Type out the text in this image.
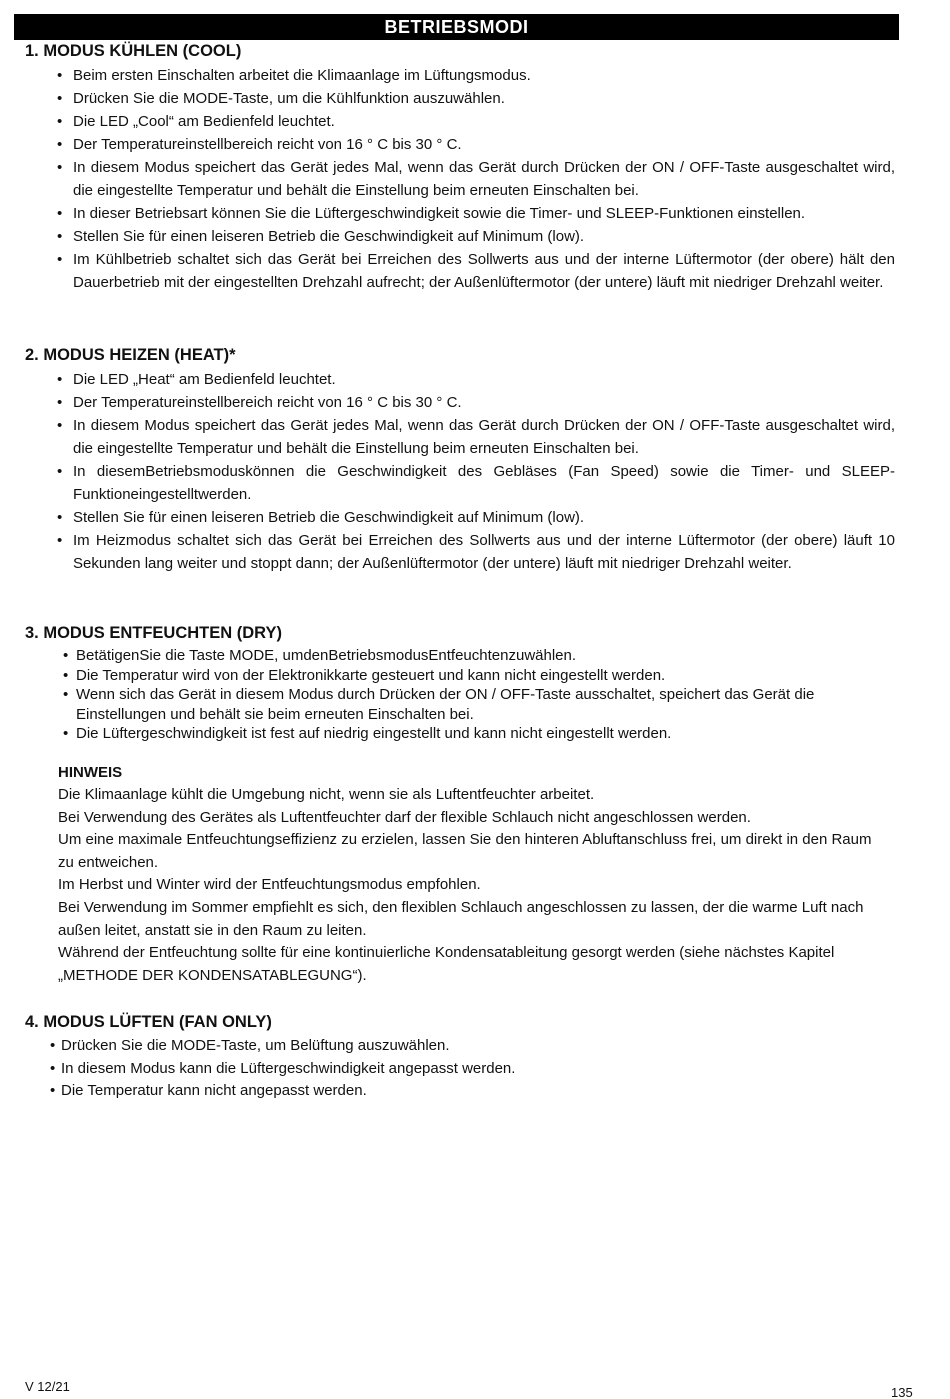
BETRIEBSMODI
1. MODUS KÜHLEN (COOL)
• Beim ersten Einschalten arbeitet die Klimaanlage im Lüftungsmodus.
• Drücken Sie die MODE-Taste, um die Kühlfunktion auszuwählen.
• Die LED „Cool“ am Bedienfeld leuchtet.
• Der Temperatureinstellbereich reicht von 16 ° C bis 30 ° C.
• In diesem Modus speichert das Gerät jedes Mal, wenn das Gerät durch Drücken der ON / OFF-Taste ausgeschaltet wird, die eingestellte Temperatur und behält die Einstellung beim erneuten Einschalten bei.
• In dieser Betriebsart können Sie die Lüftergeschwindigkeit sowie die Timer- und SLEEP-Funktionen einstellen.
• Stellen Sie für einen leiseren Betrieb die Geschwindigkeit auf Minimum (low).
• Im Kühlbetrieb schaltet sich das Gerät bei Erreichen des Sollwerts aus und der interne Lüftermotor (der obere) hält den Dauerbetrieb mit der eingestellten Drehzahl aufrecht; der Außenlüftermotor (der untere) läuft mit niedriger Drehzahl weiter.
2. MODUS HEIZEN (HEAT)*
• Die LED „Heat“ am Bedienfeld leuchtet.
• Der Temperatureinstellbereich reicht von 16 ° C bis 30 ° C.
• In diesem Modus speichert das Gerät jedes Mal, wenn das Gerät durch Drücken der ON / OFF-Taste ausgeschaltet wird, die eingestellte Temperatur und behält die Einstellung beim erneuten Einschalten bei.
• In diesemBetriebsmoduskönnen die Geschwindigkeit des Gebläses (Fan Speed) sowie die Timer- und SLEEP-Funktioneingestelltwerden.
• Stellen Sie für einen leiseren Betrieb die Geschwindigkeit auf Minimum (low).
• Im Heizmodus schaltet sich das Gerät bei Erreichen des Sollwerts aus und der interne Lüftermotor (der obere) läuft 10 Sekunden lang weiter und stoppt dann; der Außenlüftermotor (der untere) läuft mit niedriger Drehzahl weiter.
3. MODUS ENTFEUCHTEN (DRY)
• BetätigenSie die Taste MODE, umdenBetriebsmodusEntfeuchtenzuwählen.
• Die Temperatur wird von der Elektronikkarte gesteuert und kann nicht eingestellt werden.
• Wenn sich das Gerät in diesem Modus durch Drücken der ON / OFF-Taste ausschaltet, speichert das Gerät die Einstellungen und behält sie beim erneuten Einschalten bei.
• Die Lüftergeschwindigkeit ist fest auf niedrig eingestellt und kann nicht eingestellt werden.
HINWEIS

Die Klimaanlage kühlt die Umgebung nicht, wenn sie als Luftentfeuchter arbeitet.

Bei Verwendung des Gerätes als Luftentfeuchter darf der flexible Schlauch nicht angeschlossen werden.

Um eine maximale Entfeuchtungseffizienz zu erzielen, lassen Sie den hinteren Abluftanschluss frei, um direkt in den Raum zu entweichen.

Im Herbst und Winter wird der Entfeuchtungsmodus empfohlen.

Bei Verwendung im Sommer empfiehlt es sich, den flexiblen Schlauch angeschlossen zu lassen, der die warme Luft nach außen leitet, anstatt sie in den Raum zu leiten.

Während der Entfeuchtung sollte für eine kontinuierliche Kondensatableitung gesorgt werden (siehe nächstes Kapitel „METHODE DER KONDENSATABLEGUNG“).

4. MODUS LÜFTEN (FAN ONLY)
• Drücken Sie die MODE-Taste, um Belüftung auszuwählen.
• In diesem Modus kann die Lüftergeschwindigkeit angepasst werden.
• Die Temperatur kann nicht angepasst werden.
V 12/21	135
